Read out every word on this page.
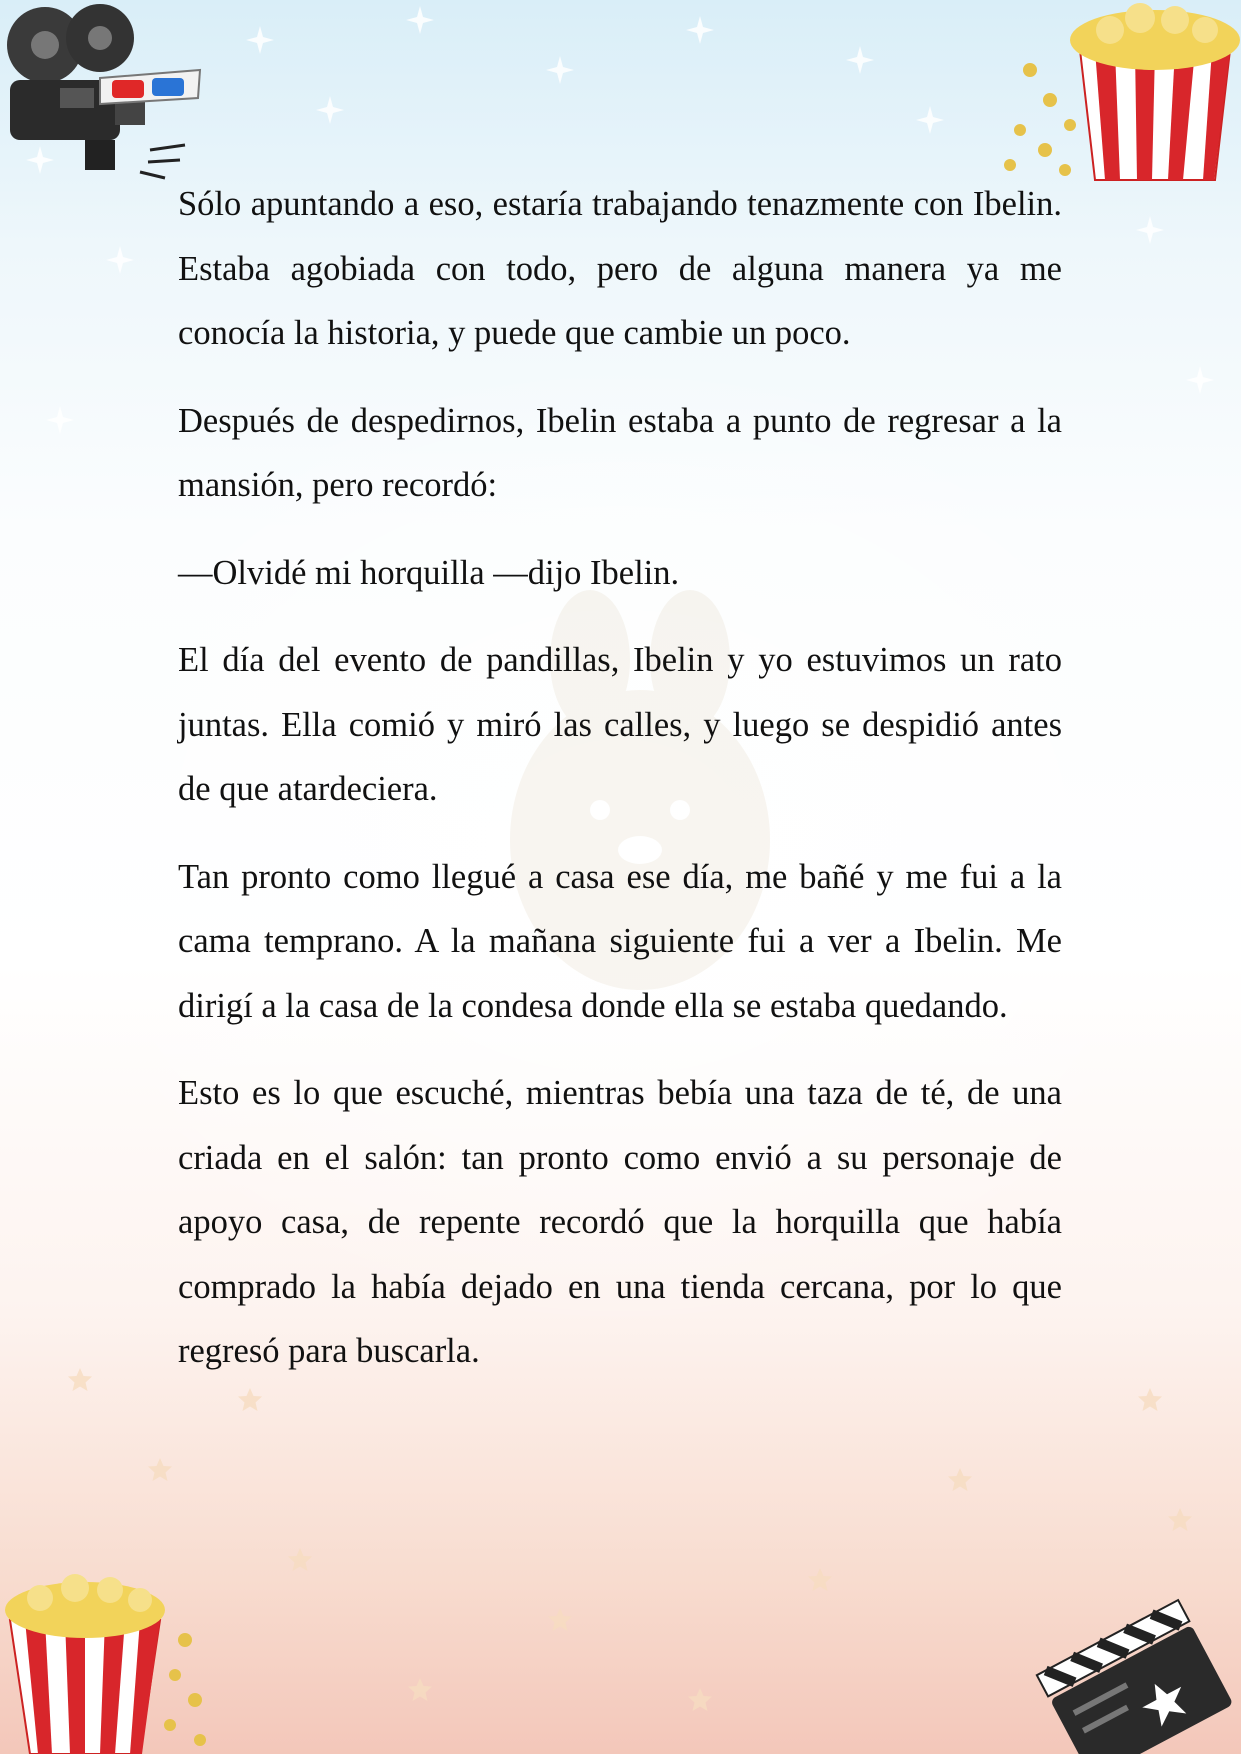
Sólo apuntando a eso, estaría trabajando tenazmente con Ibelin. Estaba agobiada con todo, pero de alguna manera ya me conocía la historia, y puede que cambie un poco.

Después de despedirnos, Ibelin estaba a punto de regresar a la mansión, pero recordó:

—Olvidé mi horquilla —dijo Ibelin.

El día del evento de pandillas, Ibelin y yo estuvimos un rato juntas. Ella comió y miró las calles, y luego se despidió antes de que atardeciera.

Tan pronto como llegué a casa ese día, me bañé y me fui a la cama temprano. A la mañana siguiente fui a ver a Ibelin. Me dirigí a la casa de la condesa donde ella se estaba quedando.

Esto es lo que escuché, mientras bebía una taza de té, de una criada en el salón: tan pronto como envió a su personaje de apoyo casa, de repente recordó que la horquilla que había comprado la había dejado en una tienda cercana, por lo que regresó para buscarla.
